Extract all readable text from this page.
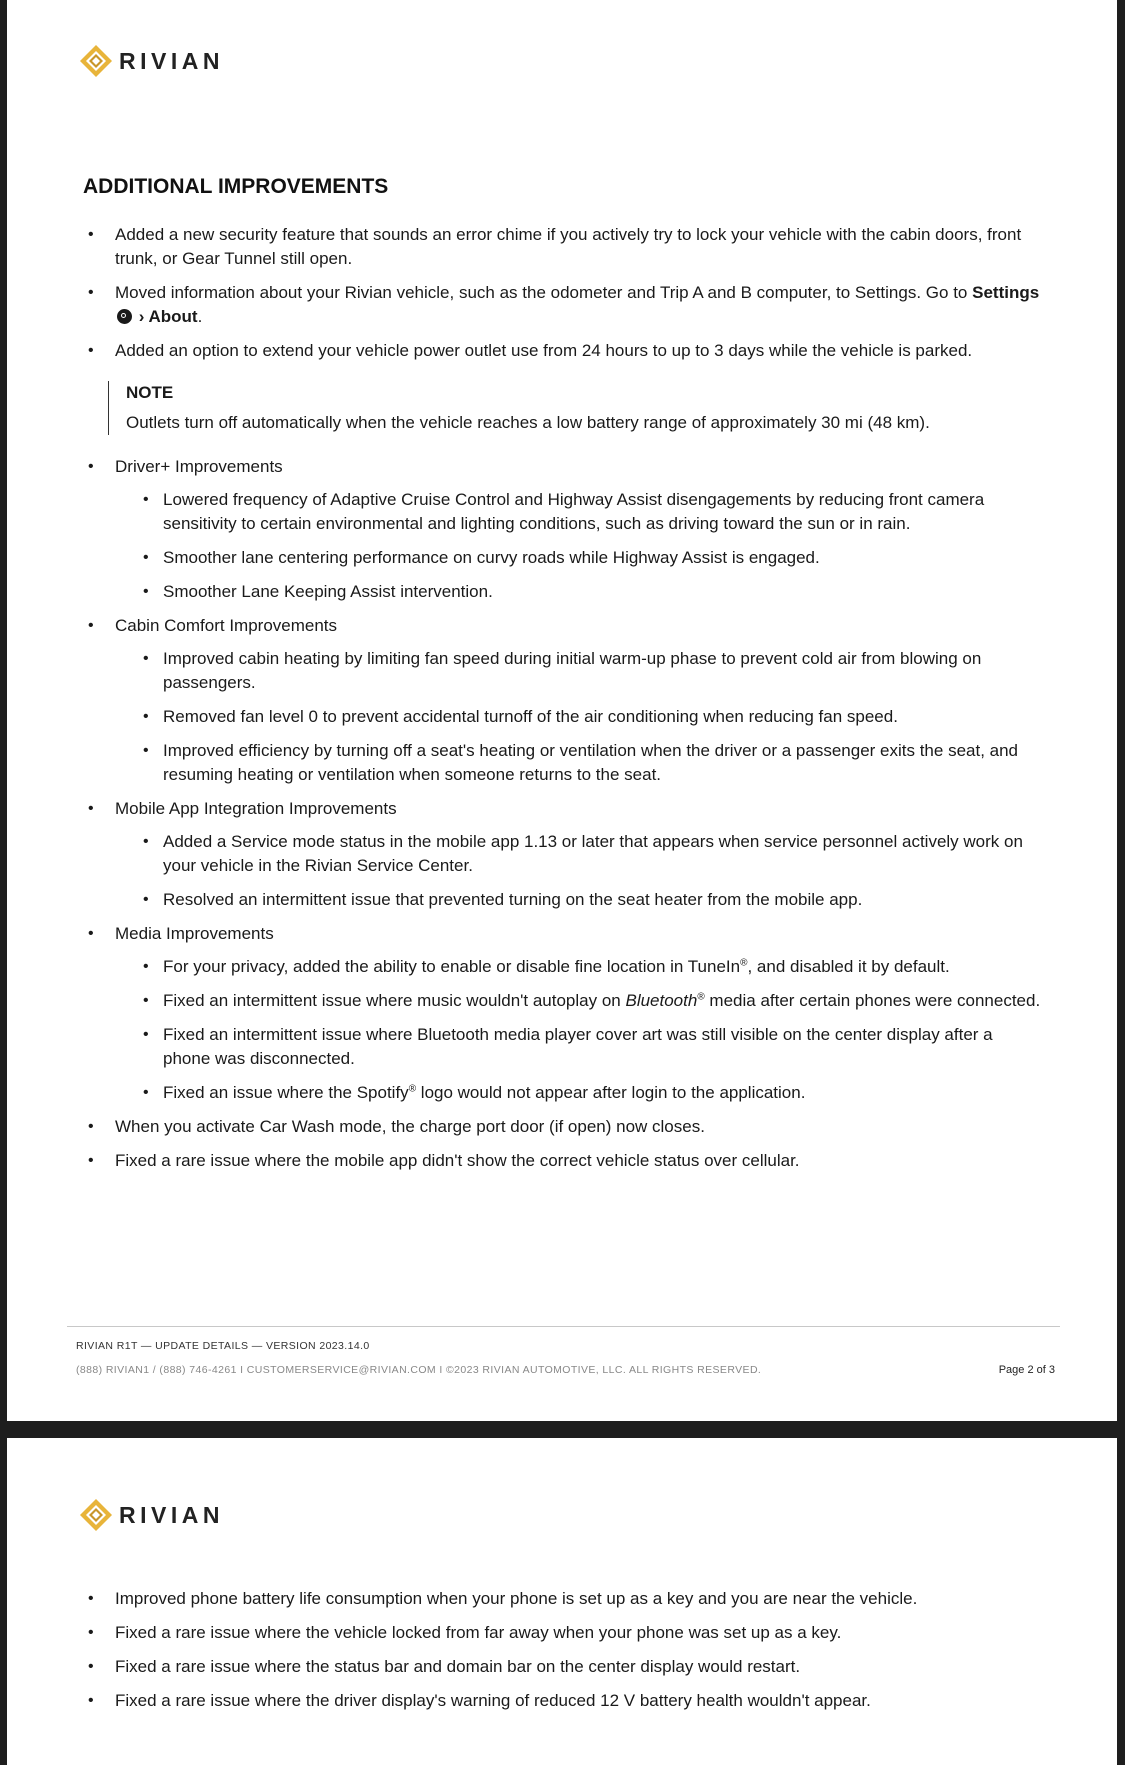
RIVIAN
ADDITIONAL IMPROVEMENTS
• Added a new security feature that sounds an error chime if you actively try to lock your vehicle with the cabin doors, front trunk, or Gear Tunnel still open.
• Moved information about your Rivian vehicle, such as the odometer and Trip A and B computer, to Settings. Go to Settings  › About.
• Added an option to extend your vehicle power outlet use from 24 hours to up to 3 days while the vehicle is parked.
NOTE
Outlets turn off automatically when the vehicle reaches a low battery range of approximately 30 mi (48 km).
• Driver+ Improvements
• Lowered frequency of Adaptive Cruise Control and Highway Assist disengagements by reducing front camera sensitivity to certain environmental and lighting conditions, such as driving toward the sun or in rain.
• Smoother lane centering performance on curvy roads while Highway Assist is engaged.
• Smoother Lane Keeping Assist intervention.
• Cabin Comfort Improvements
• Improved cabin heating by limiting fan speed during initial warm-up phase to prevent cold air from blowing on passengers.
• Removed fan level 0 to prevent accidental turnoff of the air conditioning when reducing fan speed.
• Improved efficiency by turning off a seat's heating or ventilation when the driver or a passenger exits the seat, and resuming heating or ventilation when someone returns to the seat.
• Mobile App Integration Improvements
• Added a Service mode status in the mobile app 1.13 or later that appears when service personnel actively work on your vehicle in the Rivian Service Center.
• Resolved an intermittent issue that prevented turning on the seat heater from the mobile app.
• Media Improvements
• For your privacy, added the ability to enable or disable fine location in TuneIn®, and disabled it by default.
• Fixed an intermittent issue where music wouldn't autoplay on Bluetooth® media after certain phones were connected.
• Fixed an intermittent issue where Bluetooth media player cover art was still visible on the center display after a phone was disconnected.
• Fixed an issue where the Spotify® logo would not appear after login to the application.
• When you activate Car Wash mode, the charge port door (if open) now closes.
• Fixed a rare issue where the mobile app didn't show the correct vehicle status over cellular.
RIVIAN R1T — UPDATE DETAILS — VERSION 2023.14.0
(888) RIVIAN1 / (888) 746-4261 I CUSTOMERSERVICE@RIVIAN.COM I ©2023 RIVIAN AUTOMOTIVE, LLC. ALL RIGHTS RESERVED.	Page 2 of 3
RIVIAN
• Improved phone battery life consumption when your phone is set up as a key and you are near the vehicle.
• Fixed a rare issue where the vehicle locked from far away when your phone was set up as a key.
• Fixed a rare issue where the status bar and domain bar on the center display would restart.
• Fixed a rare issue where the driver display's warning of reduced 12 V battery health wouldn't appear.
